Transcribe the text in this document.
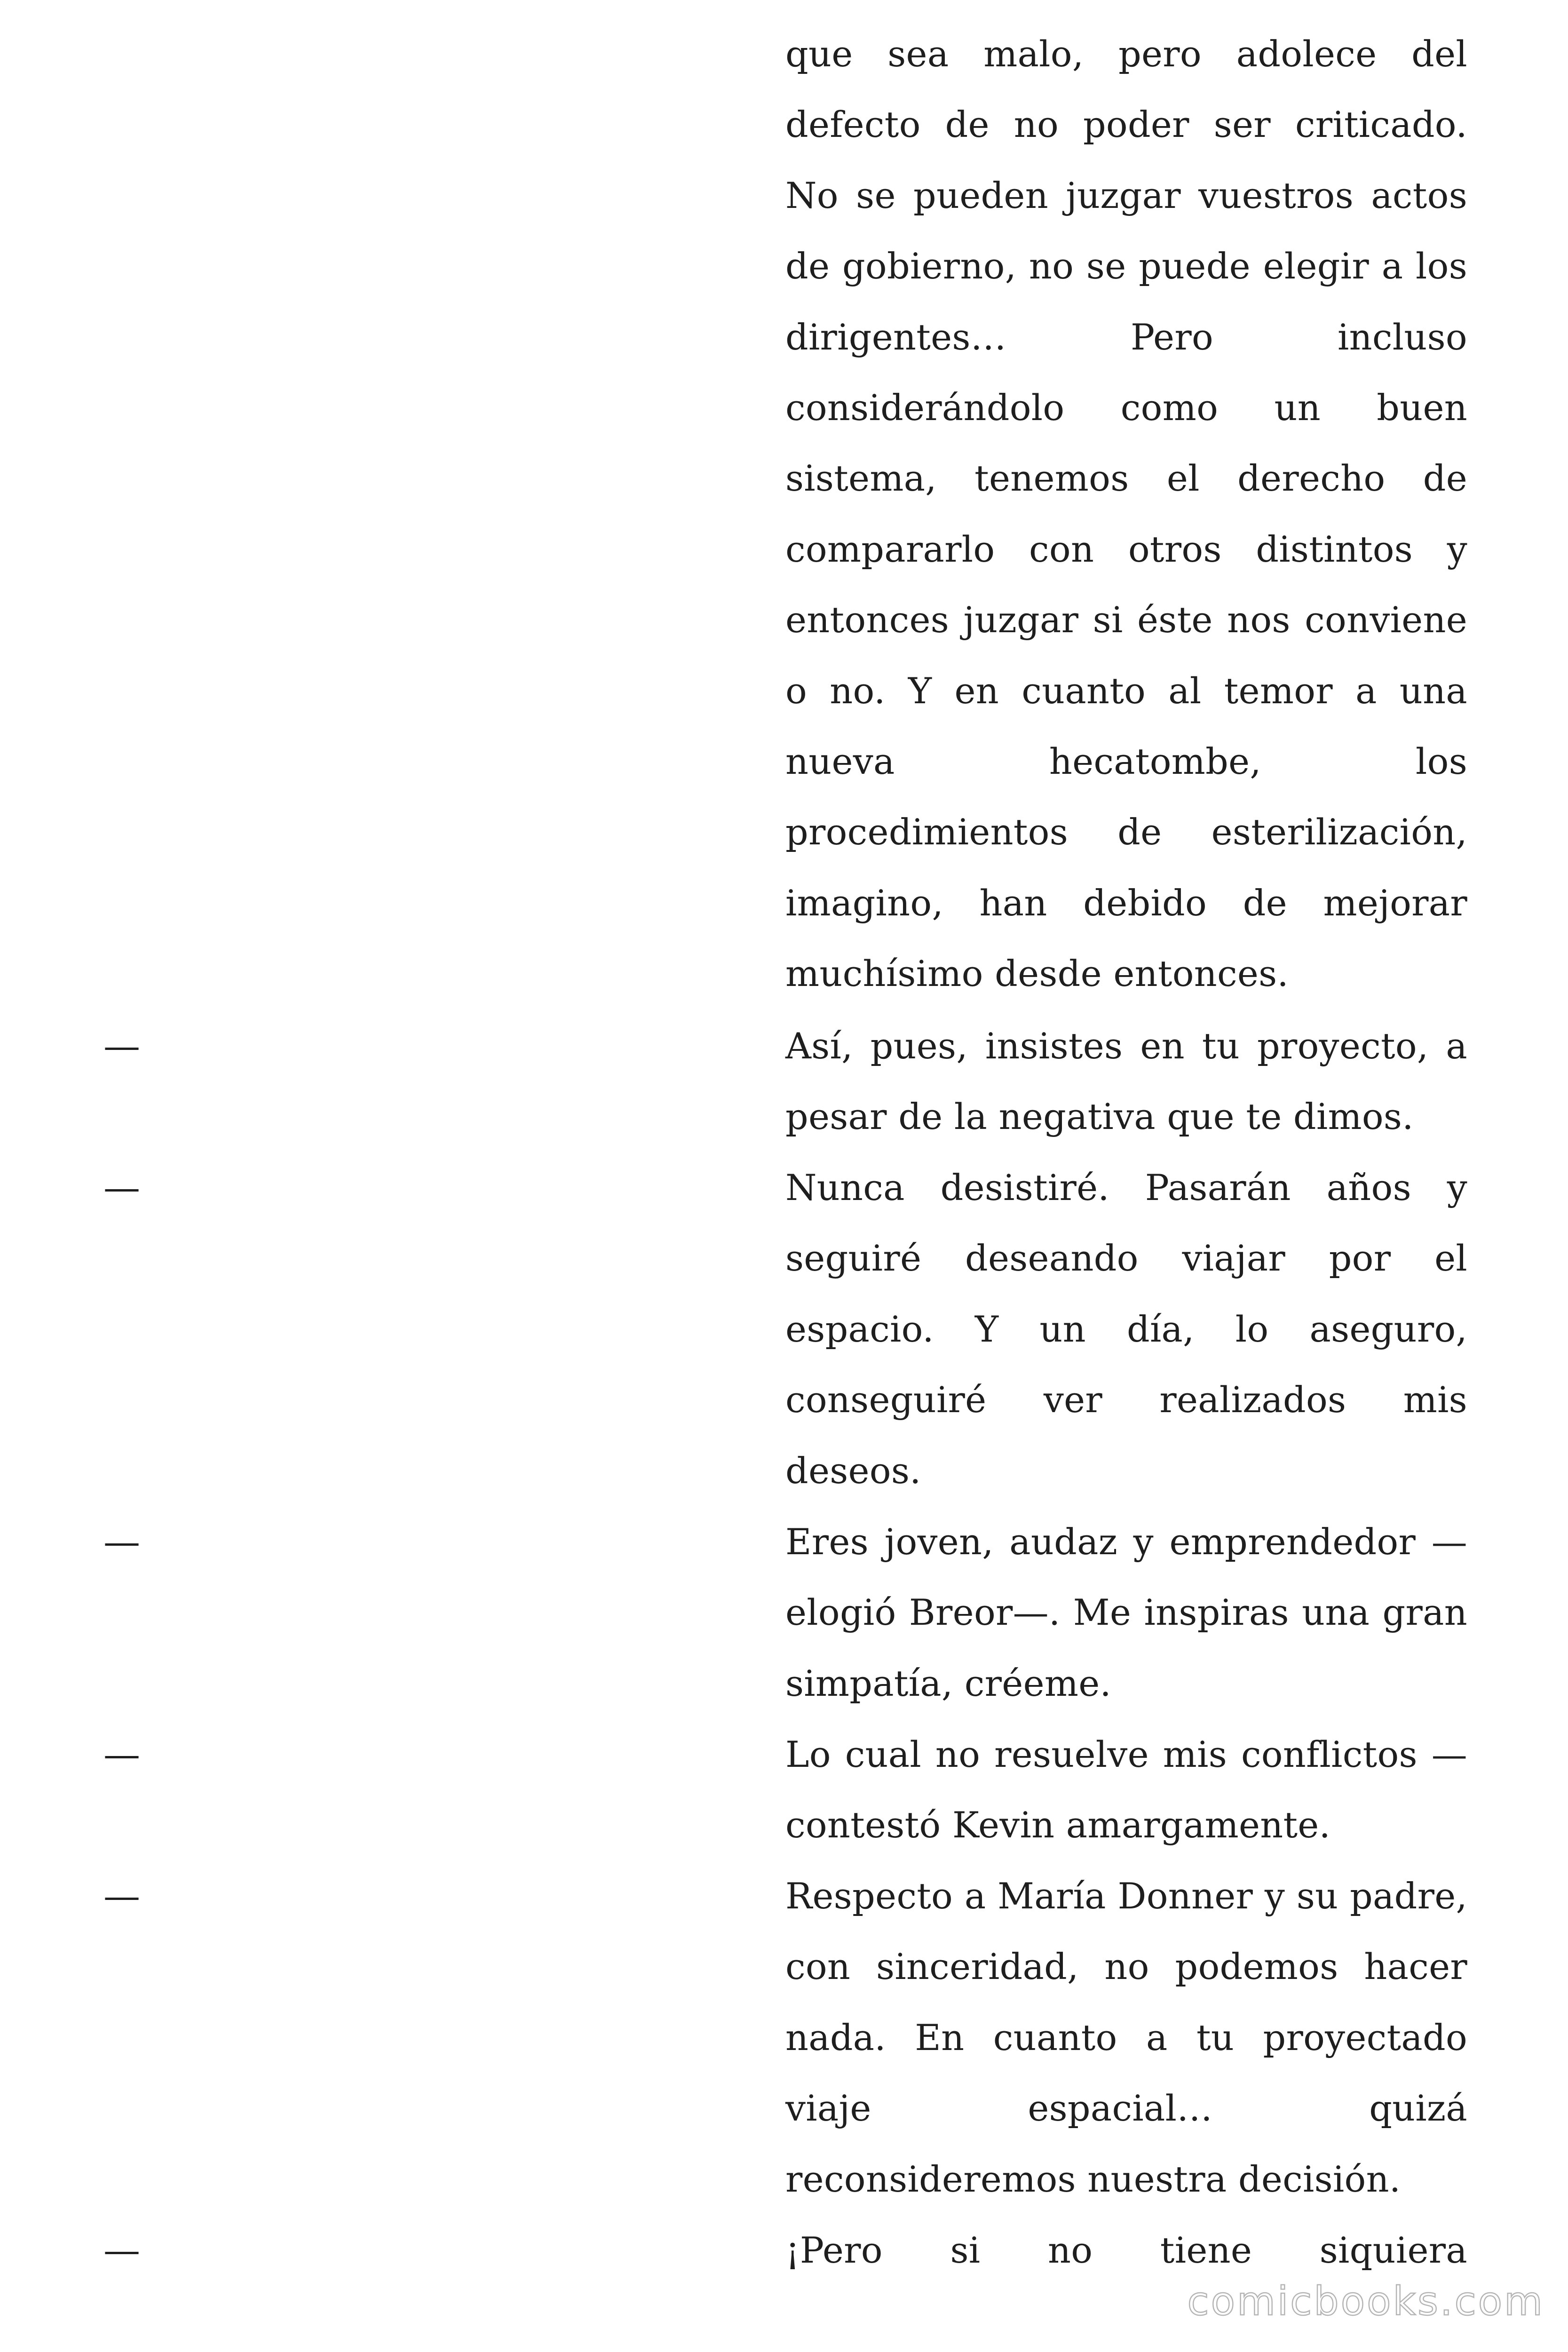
que sea malo, pero adolece del defecto de no poder ser criticado. No se pueden juzgar vuestros actos de gobierno, no se puede elegir a los dirigentes… Pero incluso considerándolo como un buen sistema, tenemos el derecho de compararlo con otros distintos y entonces juzgar si éste nos conviene o no. Y en cuanto al temor a una nueva hecatombe, los procedimientos de esterilización, imagino, han debido de mejorar muchísimo desde entonces.
—	Así, pues, insistes en tu proyecto, a pesar de la negativa que te dimos.
—	Nunca desistiré. Pasarán años y seguiré deseando viajar por el espacio. Y un día, lo aseguro, conseguiré ver realizados mis deseos.
—	Eres joven, audaz y emprendedor —elogió Breor—. Me inspiras una gran simpatía, créeme.
—	Lo cual no resuelve mis conflictos —contestó Kevin amargamente.
—	Respecto a María Donner y su padre, con sinceridad, no podemos hacer nada. En cuanto a tu proyectado viaje espacial… quizá reconsideremos nuestra decisión.
—	¡Pero si no tiene siquiera
comicbooks.com
